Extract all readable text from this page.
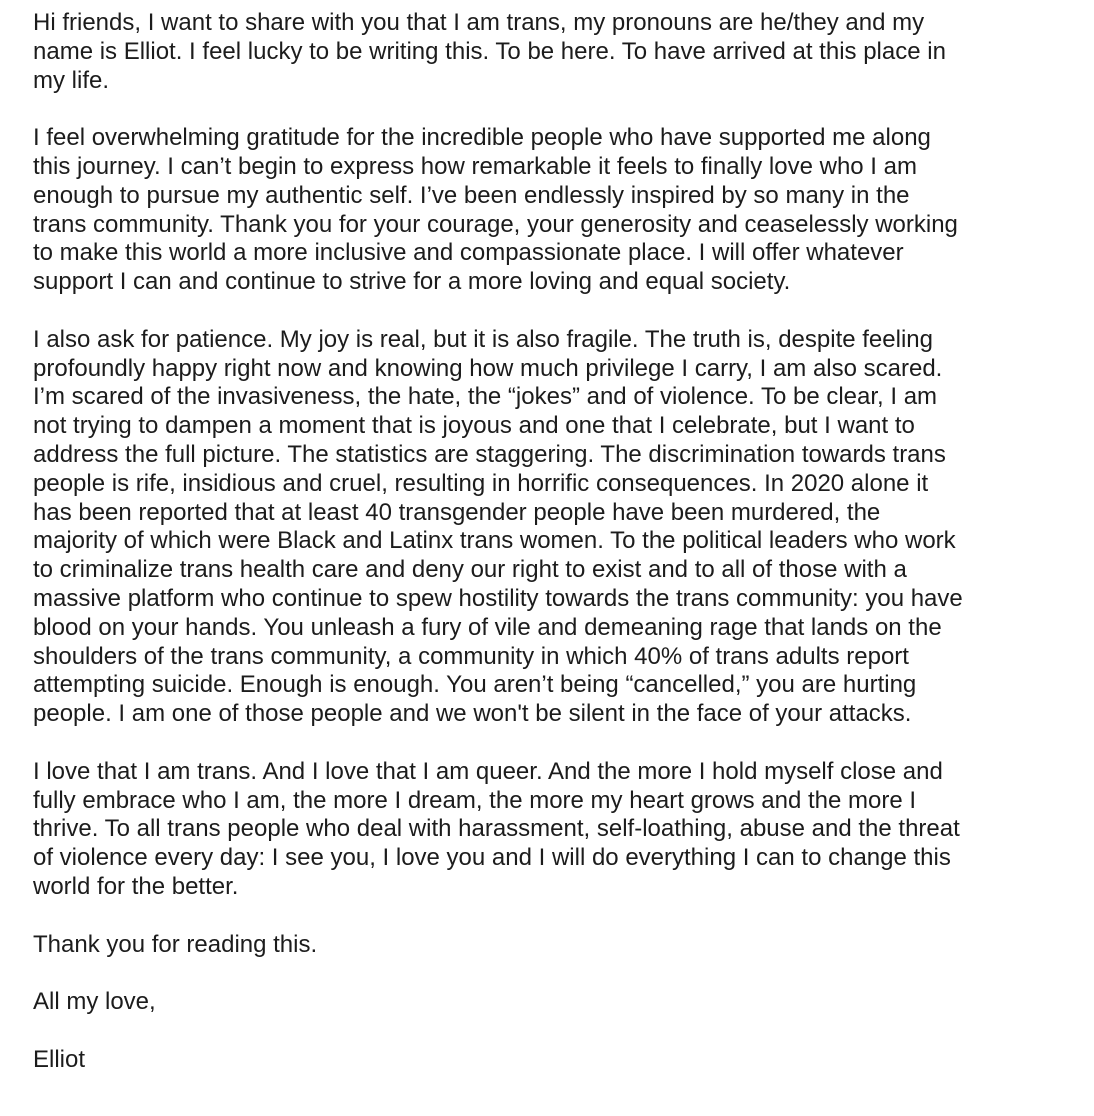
Hi friends, I want to share with you that I am trans, my pronouns are he/they and my
name is Elliot. I feel lucky to be writing this. To be here. To have arrived at this place in
my life.

I feel overwhelming gratitude for the incredible people who have supported me along
this journey. I can’t begin to express how remarkable it feels to finally love who I am
enough to pursue my authentic self. I’ve been endlessly inspired by so many in the
trans community. Thank you for your courage, your generosity and ceaselessly working
to make this world a more inclusive and compassionate place. I will offer whatever
support I can and continue to strive for a more loving and equal society.

I also ask for patience. My joy is real, but it is also fragile. The truth is, despite feeling
profoundly happy right now and knowing how much privilege I carry, I am also scared.
I’m scared of the invasiveness, the hate, the “jokes” and of violence. To be clear, I am
not trying to dampen a moment that is joyous and one that I celebrate, but I want to
address the full picture. The statistics are staggering. The discrimination towards trans
people is rife, insidious and cruel, resulting in horrific consequences. In 2020 alone it
has been reported that at least 40 transgender people have been murdered, the
majority of which were Black and Latinx trans women. To the political leaders who work
to criminalize trans health care and deny our right to exist and to all of those with a
massive platform who continue to spew hostility towards the trans community: you have
blood on your hands. You unleash a fury of vile and demeaning rage that lands on the
shoulders of the trans community, a community in which 40% of trans adults report
attempting suicide. Enough is enough. You aren’t being “cancelled,” you are hurting
people. I am one of those people and we won't be silent in the face of your attacks.

I love that I am trans. And I love that I am queer. And the more I hold myself close and
fully embrace who I am, the more I dream, the more my heart grows and the more I
thrive. To all trans people who deal with harassment, self-loathing, abuse and the threat
of violence every day: I see you, I love you and I will do everything I can to change this
world for the better.

Thank you for reading this.

All my love,

Elliot
